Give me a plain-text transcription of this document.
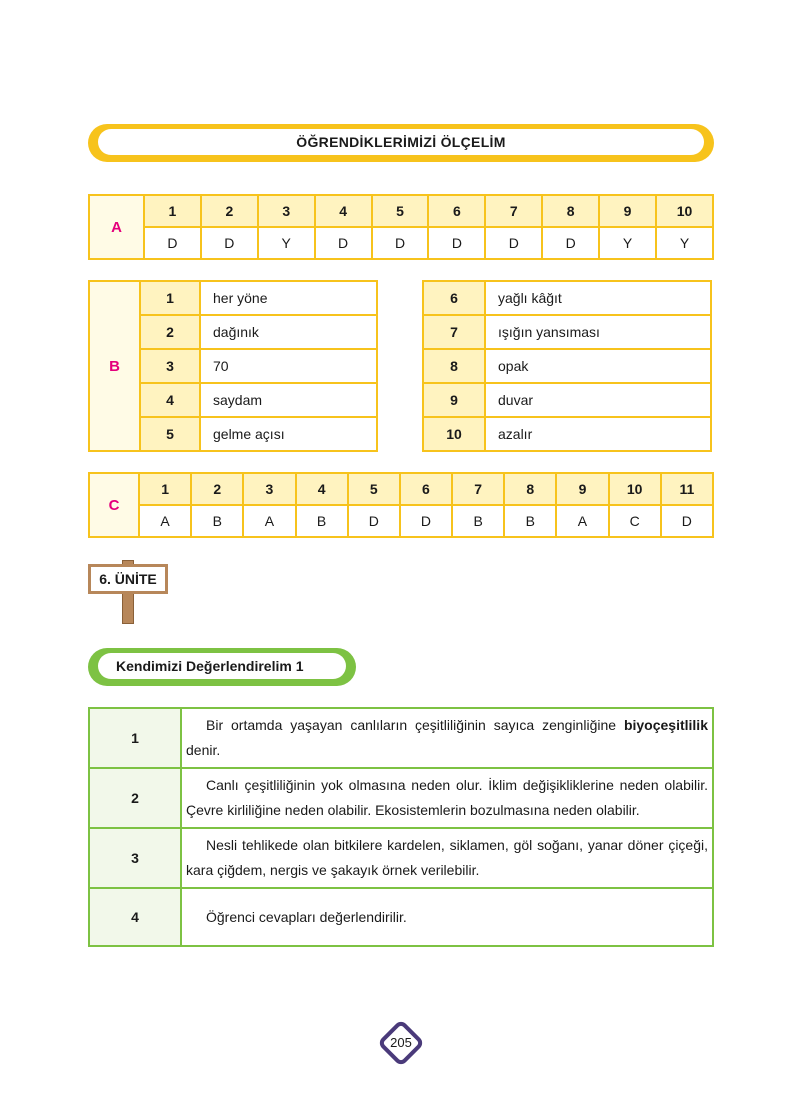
ÖĞRENDİKLERİMİZİ ÖLÇELİM
A	1	2	3	4	5	6	7	8	9	10
	D	D	Y	D	D	D	D	D	Y	Y
B	1	her yöne
	2	dağınık
	3	70
	4	saydam
	5	gelme açısı
6	yağlı kâğıt
7	ışığın yansıması
8	opak
9	duvar
10	azalır
C	1	2	3	4	5	6	7	8	9	10	11
	A	B	A	B	D	D	B	B	A	C	D
6. ÜNİTE
Kendimizi Değerlendirelim 1
1	Bir ortamda yaşayan canlıların çeşitliliğinin sayıca zenginliğine biyoçeşitlilik denir.
2	Canlı çeşitliliğinin yok olmasına neden olur. İklim değişikliklerine neden olabilir. Çevre kirliliğine neden olabilir. Ekosistemlerin bozulmasına neden olabilir.
3	Nesli tehlikede olan bitkilere kardelen, siklamen, göl soğanı, yanar döner çiçeği, kara çiğdem, nergis ve şakayık örnek verilebilir.
4	Öğrenci cevapları değerlendirilir.
205
